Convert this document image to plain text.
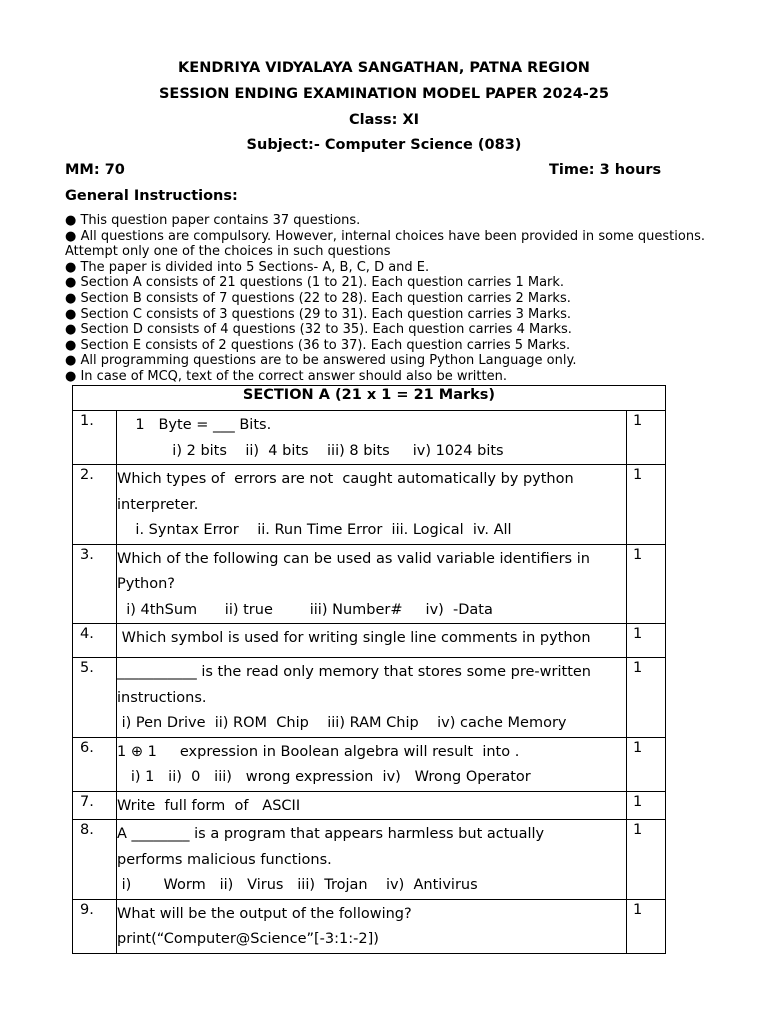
KENDRIYA VIDYALAYA SANGATHAN, PATNA REGION
SESSION ENDING EXAMINATION MODEL PAPER 2024-25
Class: XI
Subject:- Computer Science (083)
MM: 70	Time: 3 hours
General Instructions:
● This question paper contains 37 questions.
● All questions are compulsory. However, internal choices have been provided in some questions. Attempt only one of the choices in such questions
● The paper is divided into 5 Sections- A, B, C, D and E.
● Section A consists of 21 questions (1 to 21). Each question carries 1 Mark.
● Section B consists of 7 questions (22 to 28). Each question carries 2 Marks.
● Section C consists of 3 questions (29 to 31). Each question carries 3 Marks.
● Section D consists of 4 questions (32 to 35). Each question carries 4 Marks.
● Section E consists of 2 questions (36 to 37). Each question carries 5 Marks.
● All programming questions are to be answered using Python Language only.
● In case of MCQ, text of the correct answer should also be written.
SECTION A (21 x 1 = 21 Marks)		
1.	1   Byte = ___ Bits.
i) 2 bits    ii)  4 bits    iii) 8 bits     iv) 1024 bits	1
2.	Which types of  errors are not  caught automatically by python
interpreter.
i. Syntax Error    ii. Run Time Error  iii. Logical  iv. All	1
3.	Which of the following can be used as valid variable identifiers in
Python?
i) 4thSum      ii) true        iii) Number#     iv)  -Data	1
4.	Which symbol is used for writing single line comments in python	1
5.	___________ is the read only memory that stores some pre-written
instructions.
i) Pen Drive  ii) ROM  Chip    iii) RAM Chip    iv) cache Memory	1
6.	1 ⊕ 1     expression in Boolean algebra will result  into .
i) 1   ii)  0   iii)   wrong expression  iv)   Wrong Operator	1
7.	Write  full form  of   ASCII	1
8.	A ________ is a program that appears harmless but actually
performs malicious functions.
i)       Worm   ii)   Virus   iii)  Trojan    iv)  Antivirus	1
9.	What will be the output of the following?
print(“Computer@Science”[-3:1:-2])	1
